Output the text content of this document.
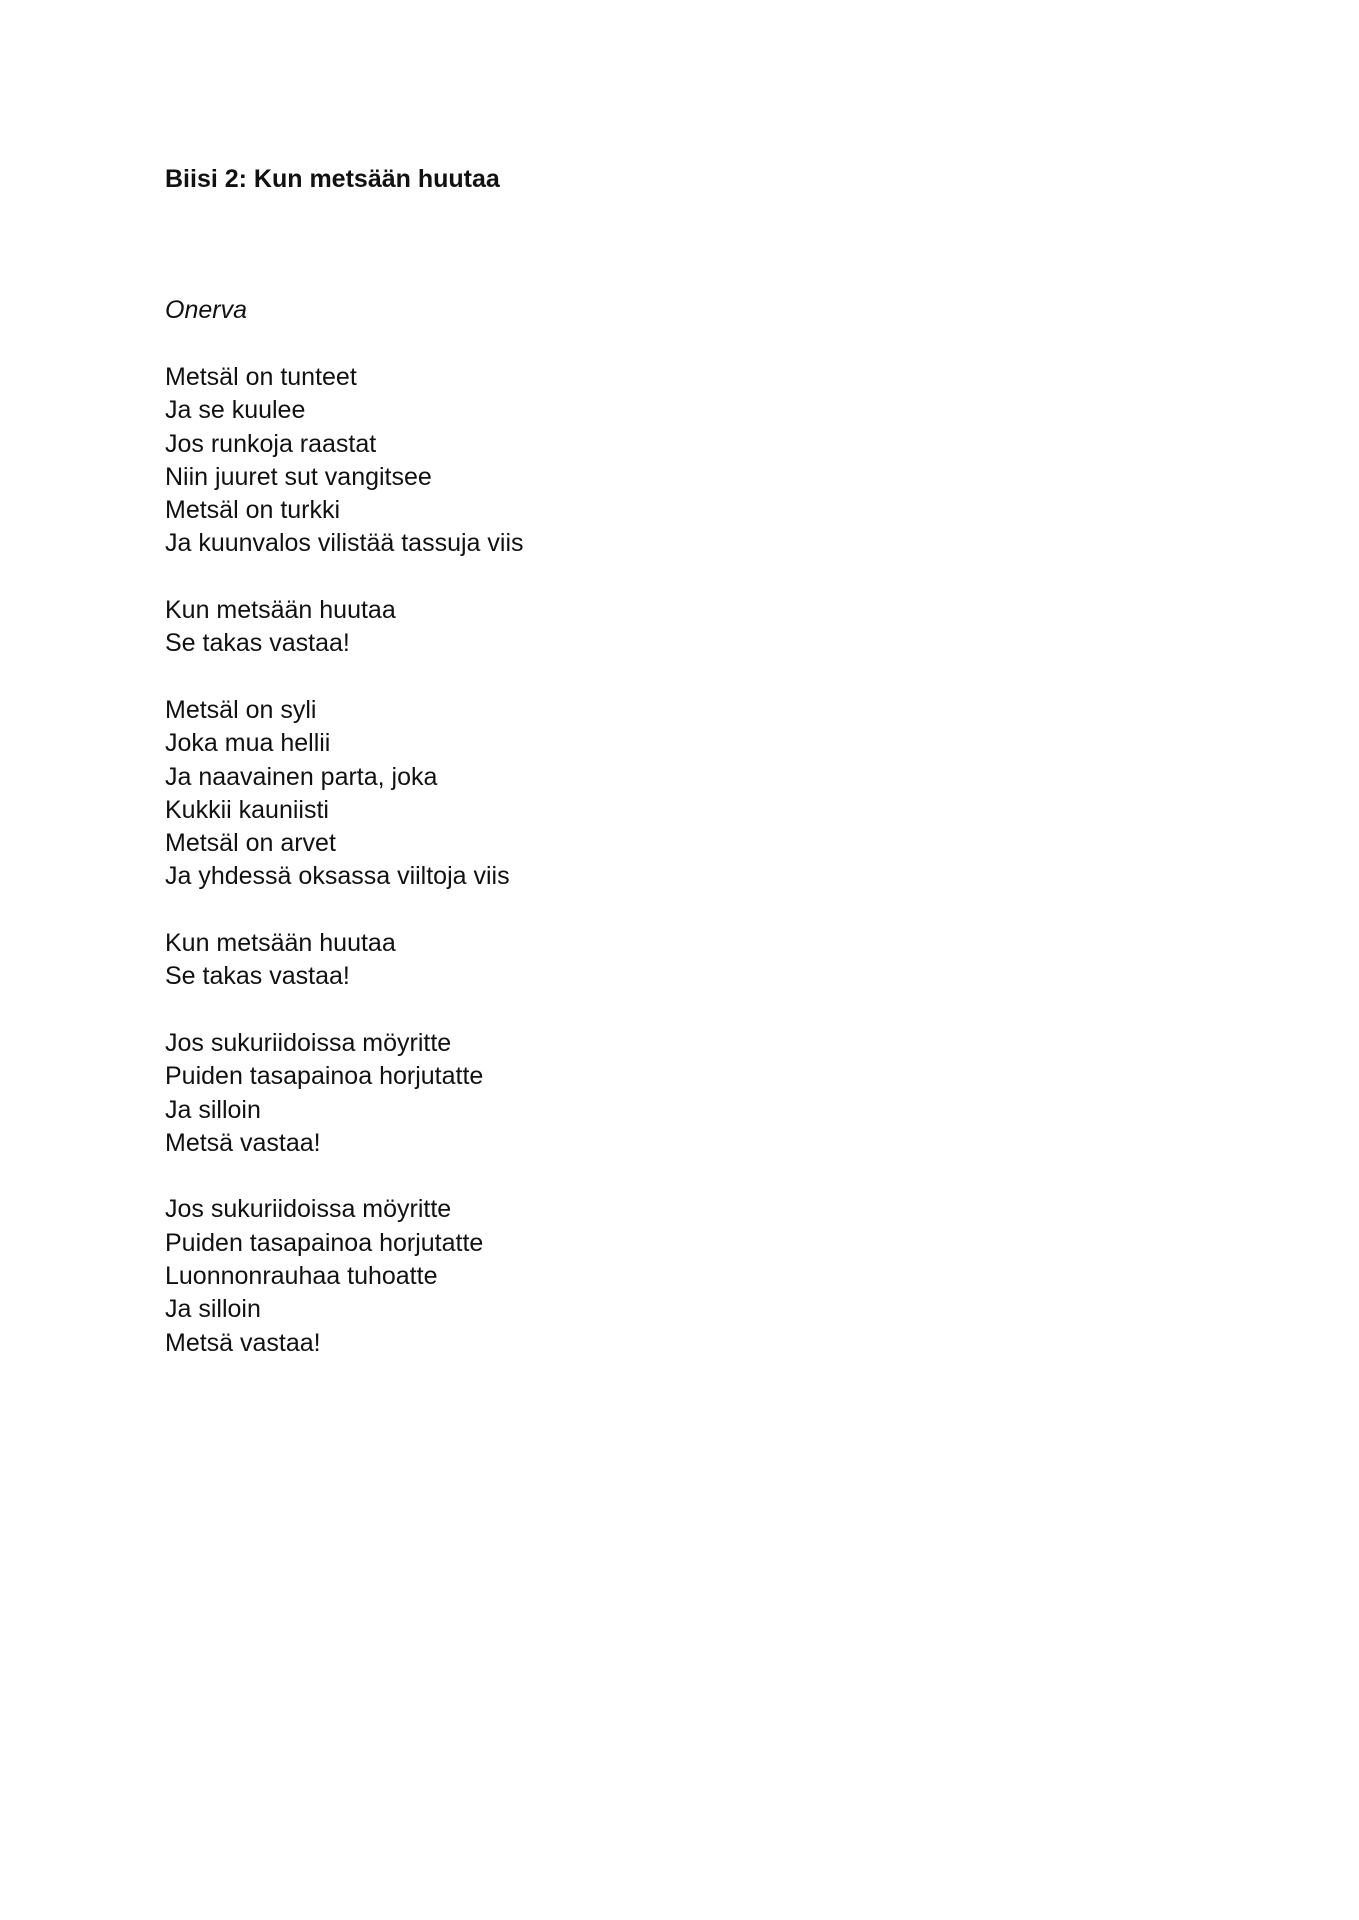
Biisi 2: Kun metsään huutaa

Onerva

Metsäl on tunteet
Ja se kuulee
Jos runkoja raastat
Niin juuret sut vangitsee
Metsäl on turkki
Ja kuunvalos vilistää tassuja viis
Kun metsään huutaa
Se takas vastaa!
Metsäl on syli
Joka mua hellii
Ja naavainen parta, joka
Kukkii kauniisti
Metsäl on arvet
Ja yhdessä oksassa viiltoja viis
Kun metsään huutaa
Se takas vastaa!
Jos sukuriidoissa möyritte
Puiden tasapainoa horjutatte
Ja silloin
Metsä vastaa!
Jos sukuriidoissa möyritte
Puiden tasapainoa horjutatte
Luonnonrauhaa tuhoatte
Ja silloin
Metsä vastaa!
